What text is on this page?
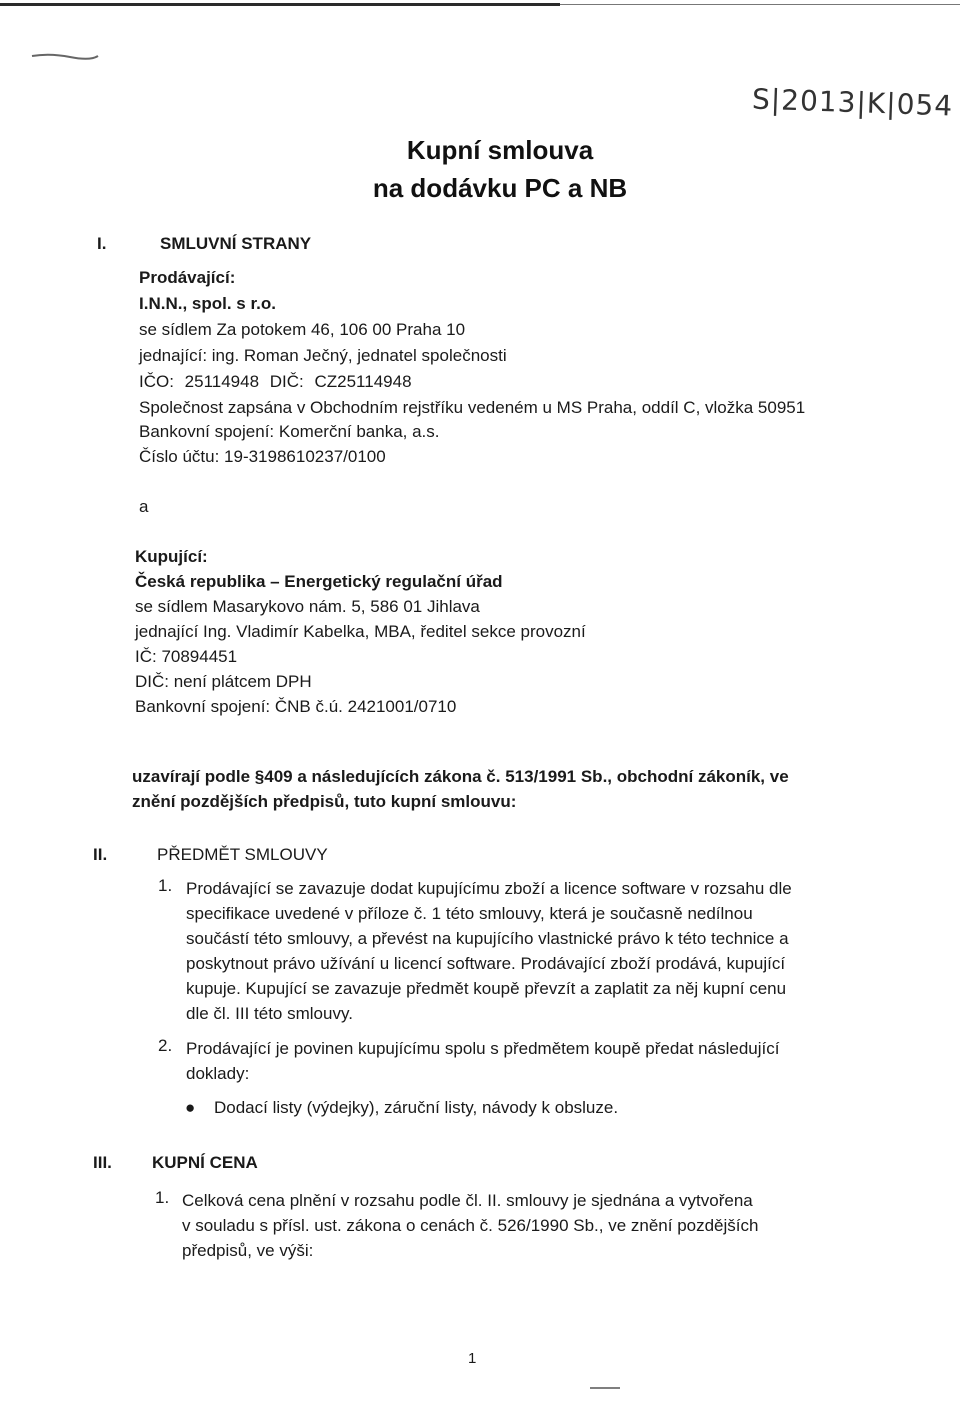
S|2013|K|054
Kupní smlouva
na dodávku PC a NB
I.	SMLUVNÍ STRANY
Prodávající:
I.N.N., spol. s r.o.
se sídlem Za potokem 46, 106 00 Praha 10
jednající: ing. Roman Ječný, jednatel společnosti
IČO: 25114948 DIČ: CZ25114948
Společnost zapsána v Obchodním rejstříku vedeném u MS Praha, oddíl C, vložka 50951
Bankovní spojení: Komerční banka, a.s.
Číslo účtu: 19-3198610237/0100
a
Kupující:
Česká republika – Energetický regulační úřad
se sídlem Masarykovo nám. 5, 586 01 Jihlava
jednající Ing. Vladimír Kabelka, MBA, ředitel sekce provozní
IČ: 70894451
DIČ: není plátcem DPH
Bankovní spojení: ČNB č.ú. 2421001/0710
uzavírají podle §409 a následujících zákona č. 513/1991 Sb., obchodní zákoník, ve
znění pozdějších předpisů, tuto kupní smlouvu:
II.	PŘEDMĚT SMLOUVY
1. Prodávající se zavazuje dodat kupujícímu zboží a licence software v rozsahu dle
specifikace uvedené v příloze č. 1 této smlouvy, která je současně nedílnou
součástí této smlouvy, a převést na kupujícího vlastnické právo k této technice a
poskytnout právo užívání u licencí software. Prodávající zboží prodává, kupující
kupuje. Kupující se zavazuje předmět koupě převzít a zaplatit za něj kupní cenu
dle čl. III této smlouvy.
2. Prodávající je povinen kupujícímu spolu s předmětem koupě předat následující
doklady:
● Dodací listy (výdejky), záruční listy, návody k obsluze.
III. KUPNÍ CENA
1. Celková cena plnění v rozsahu podle čl. II. smlouvy je sjednána a vytvořena
v souladu s přísl. ust. zákona o cenách č. 526/1990 Sb., ve znění pozdějších
předpisů, ve výši:
1
